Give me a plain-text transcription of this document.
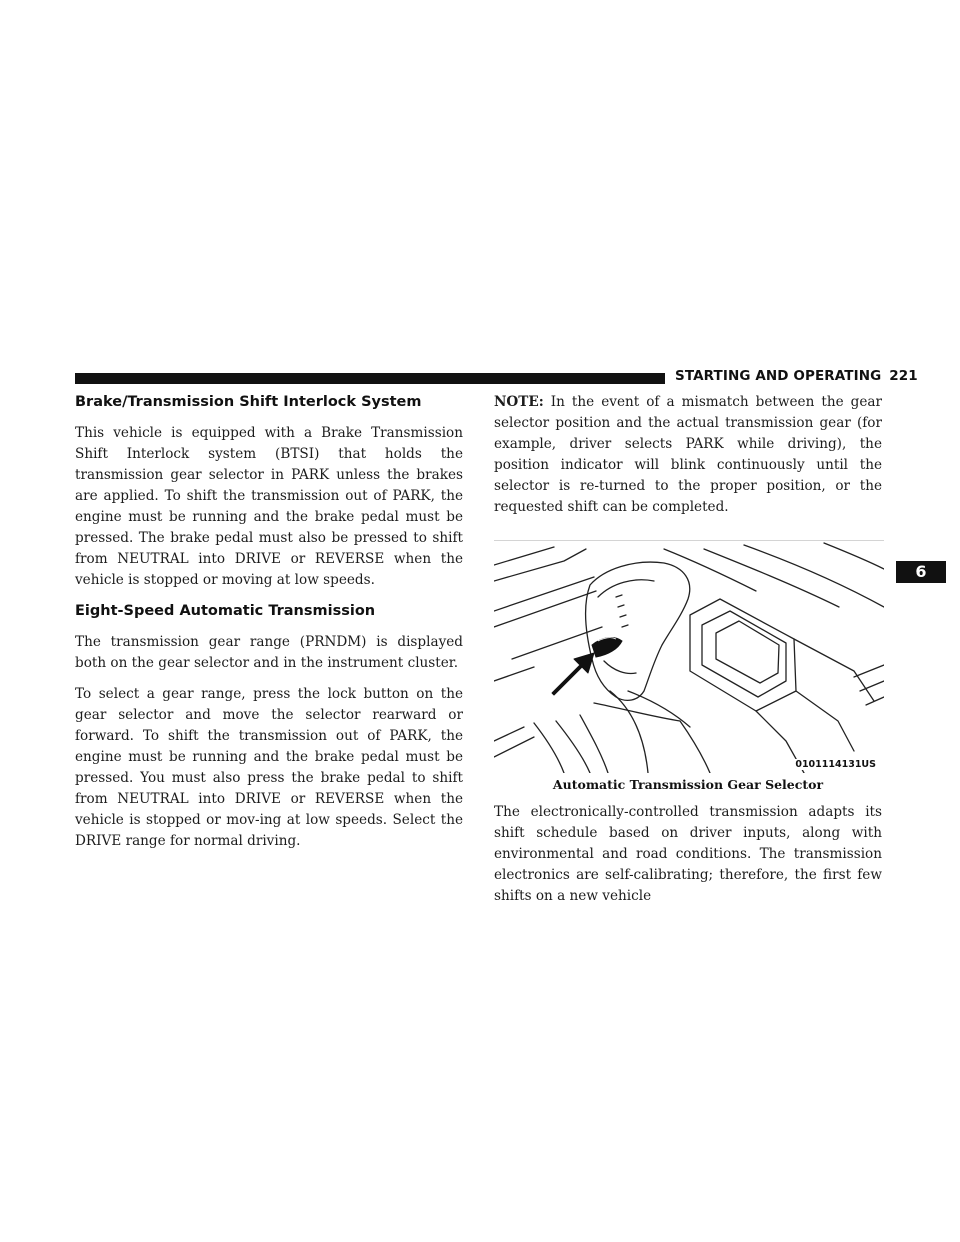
STARTING AND OPERATING 221
6
Brake/Transmission Shift Interlock System

This vehicle is equipped with a Brake Transmission Shift Interlock system (BTSI) that holds the transmission gear selector in PARK unless the brakes are applied. To shift the transmission out of PARK, the engine must be running and the brake pedal must be pressed. The brake pedal must also be pressed to shift from NEUTRAL into DRIVE or REVERSE when the vehicle is stopped or moving at low speeds.

Eight-Speed Automatic Transmission

The transmission gear range (PRNDM) is displayed both on the gear selector and in the instrument cluster.

To select a gear range, press the lock button on the gear selector and move the selector rearward or forward. To shift the transmission out of PARK, the engine must be running and the brake pedal must be pressed. You must also press the brake pedal to shift from NEUTRAL into DRIVE or REVERSE when the vehicle is stopped or mov-ing at low speeds. Select the DRIVE range for normal driving.

NOTE: In the event of a mismatch between the gear selector position and the actual transmission gear (for example, driver selects PARK while driving), the position indicator will blink continuously until the selector is re-turned to the proper position, or the requested shift can be completed.

0101114131US
Automatic Transmission Gear Selector

The electronically-controlled transmission adapts its shift schedule based on driver inputs, along with environmental and road conditions. The transmission electronics are self-calibrating; therefore, the first few shifts on a new vehicle
